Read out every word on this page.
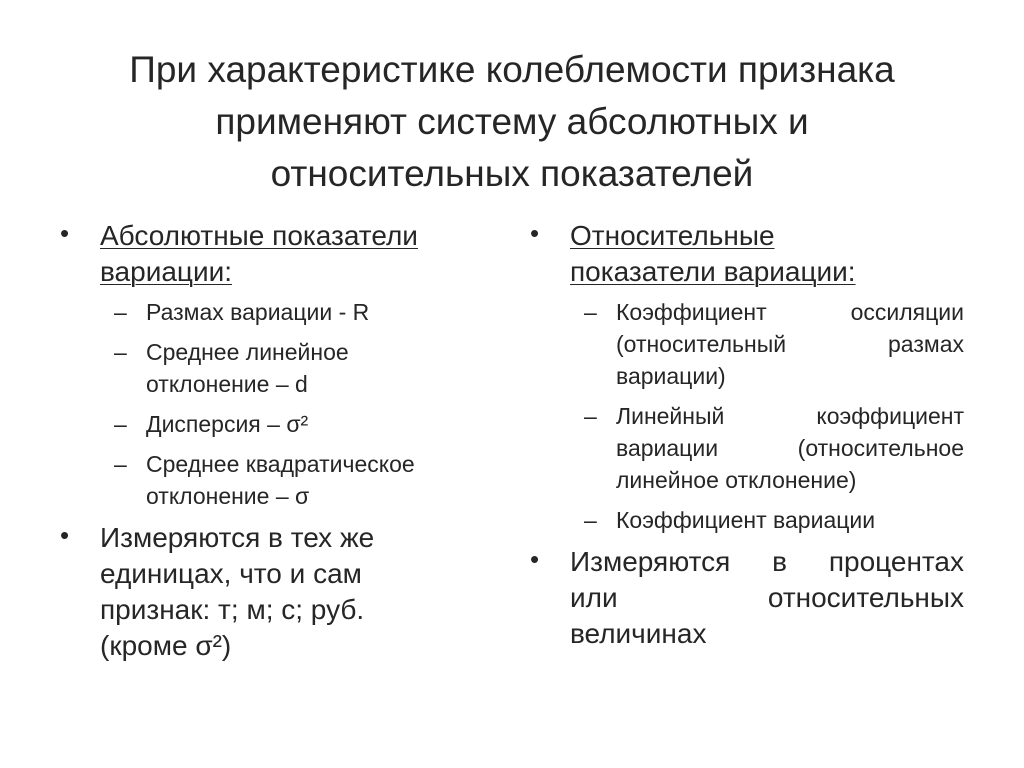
При характеристике колеблемости признака
применяют систему абсолютных и
относительных показателей
• Абсолютные показатели
вариации:
– Размах вариации - R
– Среднее линейное
отклонение – d
– Дисперсия – σ²
– Среднее квадратическое
отклонение – σ
• Измеряются в тех же
единицах, что и сам
признак: т; м; с; руб.
(кроме σ²)
• Относительные
показатели вариации:
– Коэффициент оссиляции
(относительный размах
вариации)
– Линейный коэффициент
вариации (относительное
линейное отклонение)
– Коэффициент вариации
• Измеряются в процентах
или относительных
величинах
